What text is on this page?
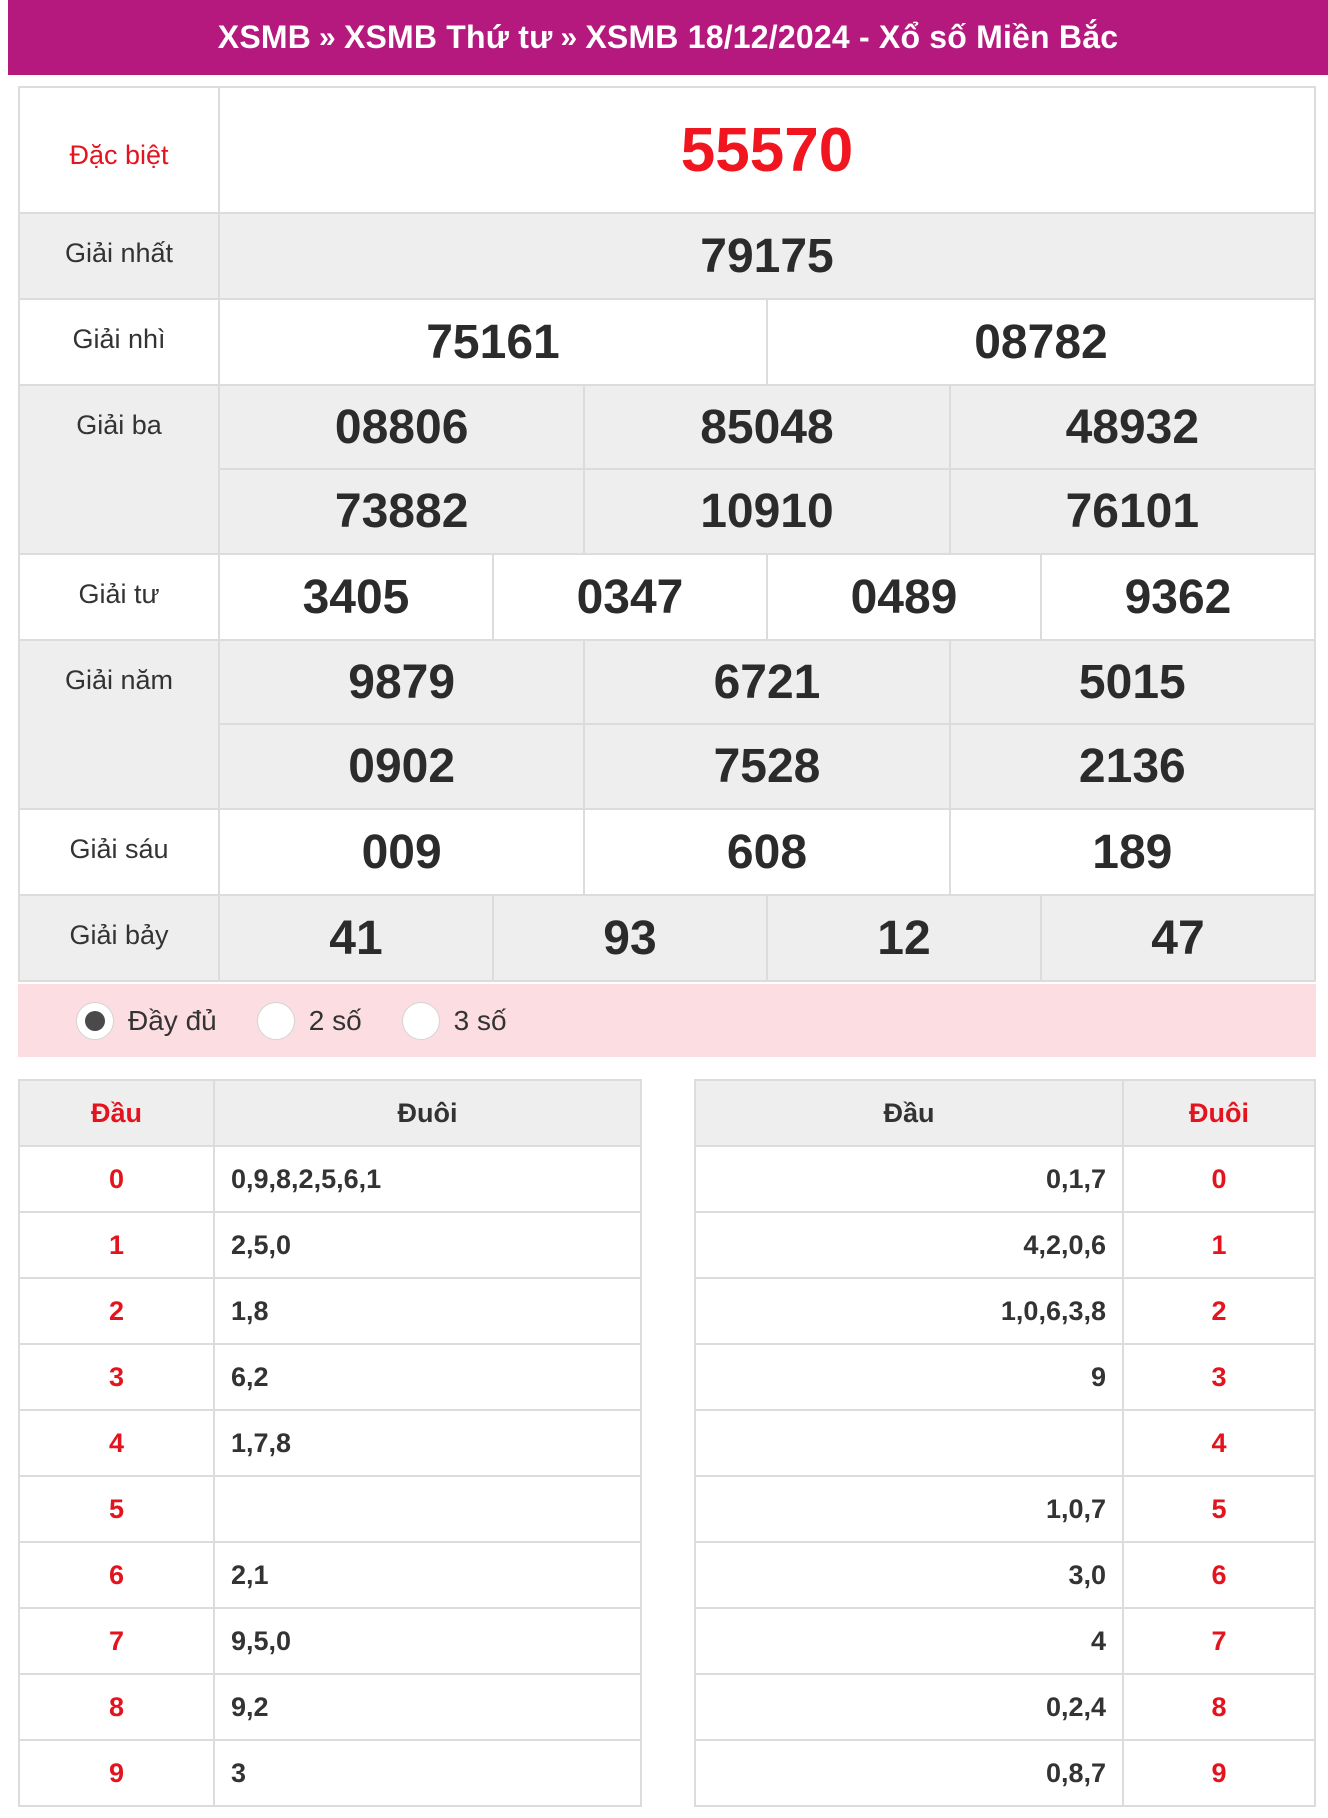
XSMB » XSMB Thứ tư » XSMB 18/12/2024 - Xổ số Miền Bắc
Đặc biệt	55570					
Giải nhất	79175					
Giải nhì	75161			08782		
Giải ba	08806		85048		48932	
	73882		10910		76101	
Giải tư	3405	0347		0489		9362
Giải năm	9879		6721		5015	
	0902		7528		2136	
Giải sáu	009		608		189	
Giải bảy	41	93		12		47
Đầy đủ	2 số	3 số
Đầu	Đuôi
0	0,9,8,2,5,6,1
1	2,5,0
2	1,8
3	6,2
4	1,7,8
5	
6	2,1
7	9,5,0
8	9,2
9	3
Đầu	Đuôi
0,1,7	0
4,2,0,6	1
1,0,6,3,8	2
9	3
	4
1,0,7	5
3,0	6
4	7
0,2,4	8
0,8,7	9
